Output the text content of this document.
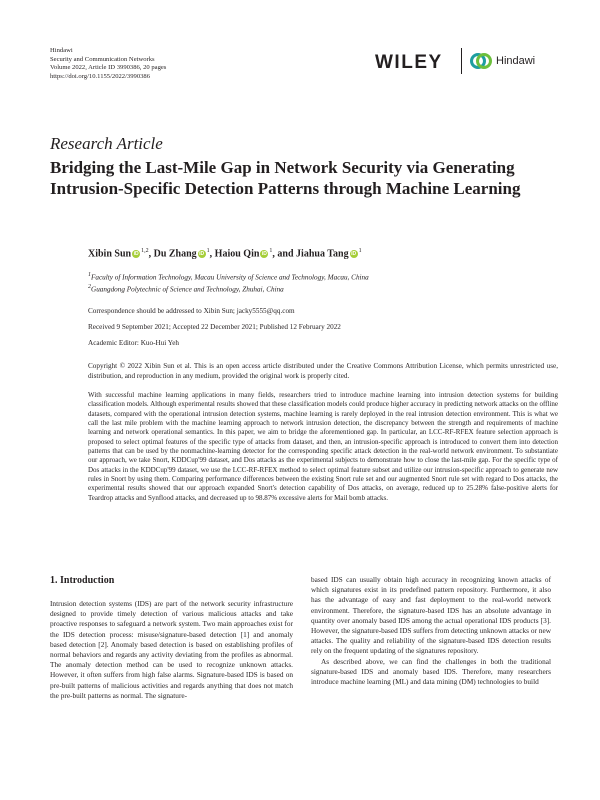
Hindawi
Security and Communication Networks
Volume 2022, Article ID 3990386, 20 pages
https://doi.org/10.1155/2022/3990386
WILEY	Hindawi
Research Article
Bridging the Last-Mile Gap in Network Security via Generating Intrusion-Specific Detection Patterns through Machine Learning
Xibin Sun iD$^{1,2}$, Du Zhang $iD^1$, Haiou Qin $iD^1$, and Jiahua Tang $iD^1$
$^1$Faculty of Information Technology, Macau University of Science and Technology, Macau, China
$^2$Guangdong Polytechnic of Science and Technology, Zhuhai, China
Correspondence should be addressed to Xibin Sun; jacky5555@qq.com
Received 9 September 2021; Accepted 22 December 2021; Published 12 February 2022
Academic Editor: Kuo-Hui Yeh
Copyright © 2022 Xibin Sun et al. This is an open access article distributed under the Creative Commons Attribution License, which permits unrestricted use, distribution, and reproduction in any medium, provided the original work is properly cited.
With successful machine learning applications in many fields, researchers tried to introduce machine learning into intrusion detection systems for building classification models. Although experimental results showed that these classification models could produce higher accuracy in predicting network attacks on the offline datasets, compared with the operational intrusion detection systems, machine learning is rarely deployed in the real intrusion detection environment. This is what we call the last mile problem with the machine learning approach to network intrusion detection, the discrepancy between the strength and requirements of machine learning and network operational semantics. In this paper, we aim to bridge the aforementioned gap. In particular, an LCC-RF-RFEX feature selection approach is proposed to select optimal features of the specific type of attacks from dataset, and then, an intrusion-specific approach is introduced to convert them into detection patterns that can be used by the nonmachine-learning detector for the corresponding specific attack detection in the real-world network environment. To substantiate our approach, we take Snort, KDDCup'99 dataset, and Dos attacks as the experimental subjects to demonstrate how to close the last-mile gap. For the specific type of Dos attacks in the KDDCup'99 dataset, we use the LCC-RF-RFEX method to select optimal feature subset and utilize our intrusion-specific approach to generate new rules in Snort by using them. Comparing performance differences between the existing Snort rule set and our augmented Snort rule set with regard to Dos attacks, the experimental results showed that our approach expanded Snort's detection capability of Dos attacks, on average, reduced up to 25.28% false-positive alerts for Teardrop attacks and Synflood attacks, and decreased up to 98.87% excessive alerts for Mail bomb attacks.
1. Introduction

Intrusion detection systems (IDS) are part of the network security infrastructure designed to provide timely detection of various malicious attacks and take proactive responses to safeguard a network system. Two main approaches exist for the IDS detection process: misuse/signature-based detection [1] and anomaly based detection [2]. Anomaly based detection is based on establishing profiles of normal behaviors and regards any activity deviating from the profiles as abnormal. The anomaly detection method can be used to recognize unknown attacks. However, it often suffers from high false alarms. Signature-based IDS is based on pre-built patterns of malicious activities and regards anything that does not match the pre-built patterns as normal. The signature-

based IDS can usually obtain high accuracy in recognizing known attacks of which signatures exist in its predefined pattern repository. Furthermore, it also has the advantage of easy and fast deployment to the real-world network environment. Therefore, the signature-based IDS has an absolute advantage in quantity over anomaly based IDS among the actual operational IDS products [3]. However, the signature-based IDS suffers from detecting unknown attacks or new attacks. The quality and reliability of the signature-based IDS detection results rely on the frequent updating of the signatures repository.

As described above, we can find the challenges in both the traditional signature-based IDS and anomaly based IDS. Therefore, many researchers introduce machine learning (ML) and data mining (DM) technologies to build
